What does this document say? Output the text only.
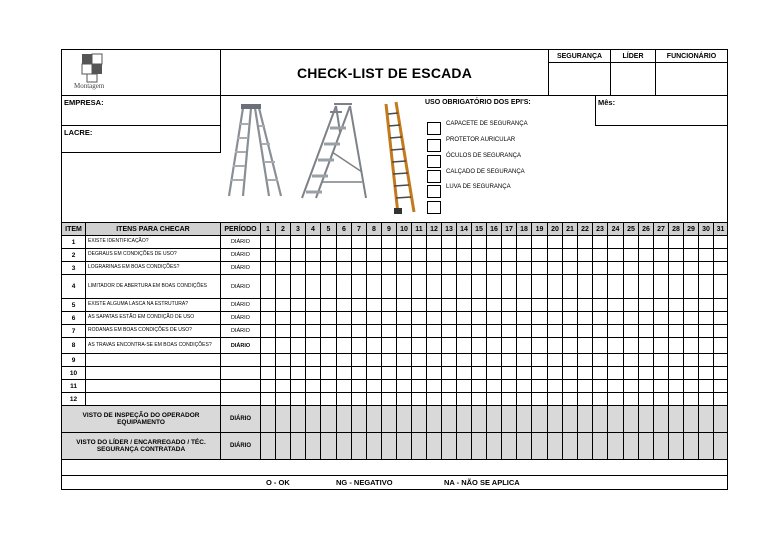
Montagem
CHECK-LIST DE ESCADA
SEGURANÇA	LÍDER	FUNCIONÁRIO
EMPRESA:
LACRE:
Mês:
USO OBRIGATÓRIO DOS EPI'S:
CAPACETE DE SEGURANÇA
PROTETOR AURICULAR
ÓCULOS DE SEGURANÇA
CALÇADO DE SEGURANÇA
LUVA DE SEGURANÇA
ITEM	ITENS PARA CHECAR	PERÍODO	1	2	3	4	5	6	7	8	9	10	11	12	13	14	15	16	17	18	19	20	21	22	23	24	25	26	27	28	29	30	31
1	EXISTE IDENTIFICAÇÃO?	DIÁRIO																															
2	DEGRAUS EM CONDIÇÕES DE USO?	DIÁRIO																															
3	LOGRARINAS EM BOAS CONDIÇÕES?	DIÁRIO																															
4	LIMITADOR DE ABERTURA EM BOAS CONDIÇÕES	DIÁRIO																															
5	EXISTE ALGUMA LASCA NA ESTRUTURA?	DIÁRIO																															
6	AS SAPATAS ESTÃO EM CONDIÇÃO DE USO	DIÁRIO																															
7	RODANAS EM BOAS CONDIÇÕES DE USO?	DIÁRIO																															
8	AS TRAVAS ENCONTRA-SE EM BOAS CONDIÇÕES?	DIÁRIO																															
9																																	
10																																	
11																																	
12																																	
VISTO DE INSPEÇÃO DO OPERADOR EQUIPAMENTO		DIÁRIO																															
VISTO DO LÍDER / ENCARREGADO / TÉC. SEGURANÇA CONTRATADA		DIÁRIO																															
O - OK	NG - NEGATIVO	NA - NÃO SE APLICA
